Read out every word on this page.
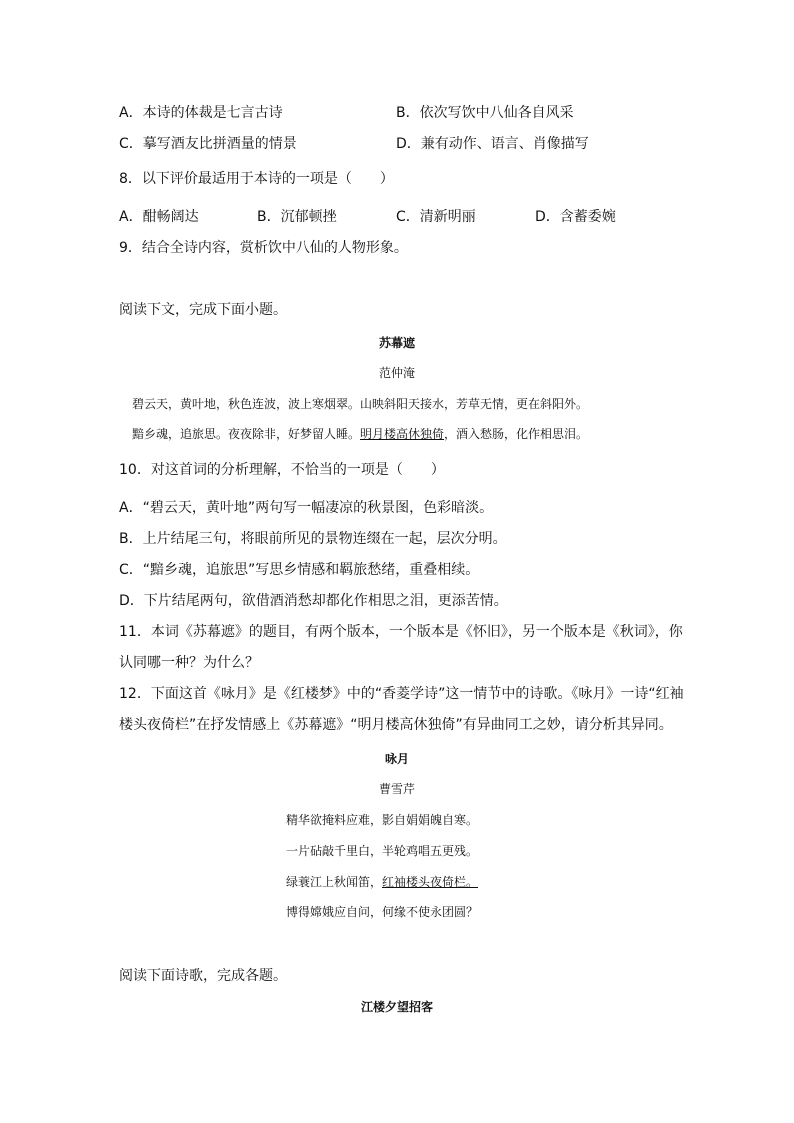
A．本诗的体裁是七言古诗	B．依次写饮中八仙各自风采
C．摹写酒友比拼酒量的情景	D．兼有动作、语言、肖像描写
8．以下评价最适用于本诗的一项是（　　）
A．酣畅阔达	B．沉郁顿挫	C．清新明丽	D．含蓄委婉
9．结合全诗内容，赏析饮中八仙的人物形象。
阅读下文，完成下面小题。
苏幕遮
范仲淹
碧云天，黄叶地，秋色连波，波上寒烟翠。山映斜阳天接水，芳草无情，更在斜阳外。
黯乡魂，追旅思。夜夜除非，好梦留人睡。明月楼高休独倚，酒入愁肠，化作相思泪。
10．对这首词的分析理解，不恰当的一项是（　　）
A．“碧云天，黄叶地”两句写一幅凄凉的秋景图，色彩暗淡。
B．上片结尾三句，将眼前所见的景物连缀在一起，层次分明。
C．“黯乡魂，追旅思”写思乡情感和羁旅愁绪，重叠相续。
D．下片结尾两句，欲借酒消愁却都化作相思之泪，更添苦情。
11．本词《苏幕遮》的题目，有两个版本，一个版本是《怀旧》，另一个版本是《秋词》，你
认同哪一种？为什么？
12．下面这首《咏月》是《红楼梦》中的“香菱学诗”这一情节中的诗歌。《咏月》一诗“红袖
楼头夜倚栏”在抒发情感上《苏幕遮》“明月楼高休独倚”有异曲同工之妙，请分析其异同。
咏月
曹雪芹
精华欲掩料应难，影自娟娟魄自寒。
一片砧敲千里白，半轮鸡唱五更残。
绿蓑江上秋闻笛，红袖楼头夜倚栏。
博得嫦娥应自问，何缘不使永团圆？
阅读下面诗歌，完成各题。
江楼夕望招客
